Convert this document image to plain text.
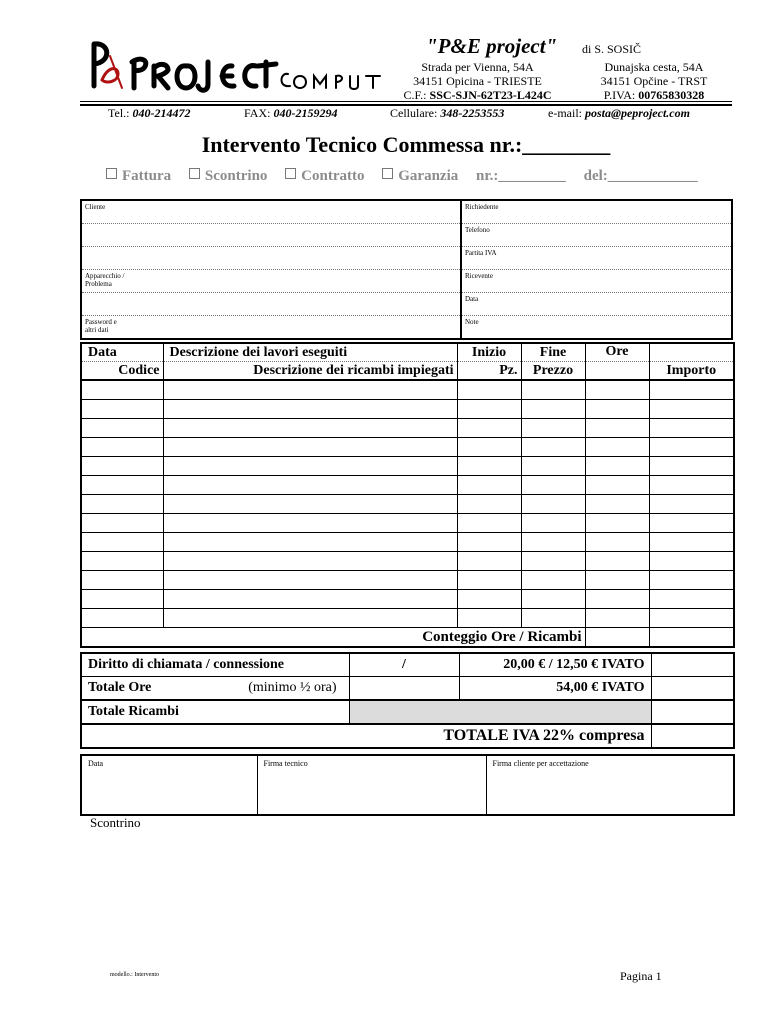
"P&E project" di S. SOSIČ
Strada per Vienna, 54A
34151 Opicina - TRIESTE
C.F.: SSC-SJN-62T23-L424C
Dunajska cesta, 54A
34151 Opčine - TRST
P.IVA: 00765830328
Tel.: 040-214472	FAX: 040-2159294	Cellulare: 348-2253553	e-mail: posta@peproject.com
Intervento Tecnico Commessa nr.:________
Fattura Scontrino Contratto Garanzia nr.:_________ del:____________
Cliente	Richiedente
	Telefono
	Partita IVA

Apparecchio /
Problema	Ricevente
	Data

Password e
altri dati	Note
Data	Descrizione dei lavori eseguiti	Inizio	Fine	Ore	
Codice	Descrizione dei ricambi impiegati	Pz.	Prezzo		Importo

Conteggio Ore / Ricambi					
Diritto di chiamata / connessione	/	20,00 € / 12,50 € IVATO	
Totale Ore (minimo ½ ora)		54,00 € IVATO	
Totale Ricambi			
TOTALE IVA 22% compresa			
Data	Firma tecnico	Firma cliente per accettazione
Scontrino
modello.: Intervento	Pagina 1
